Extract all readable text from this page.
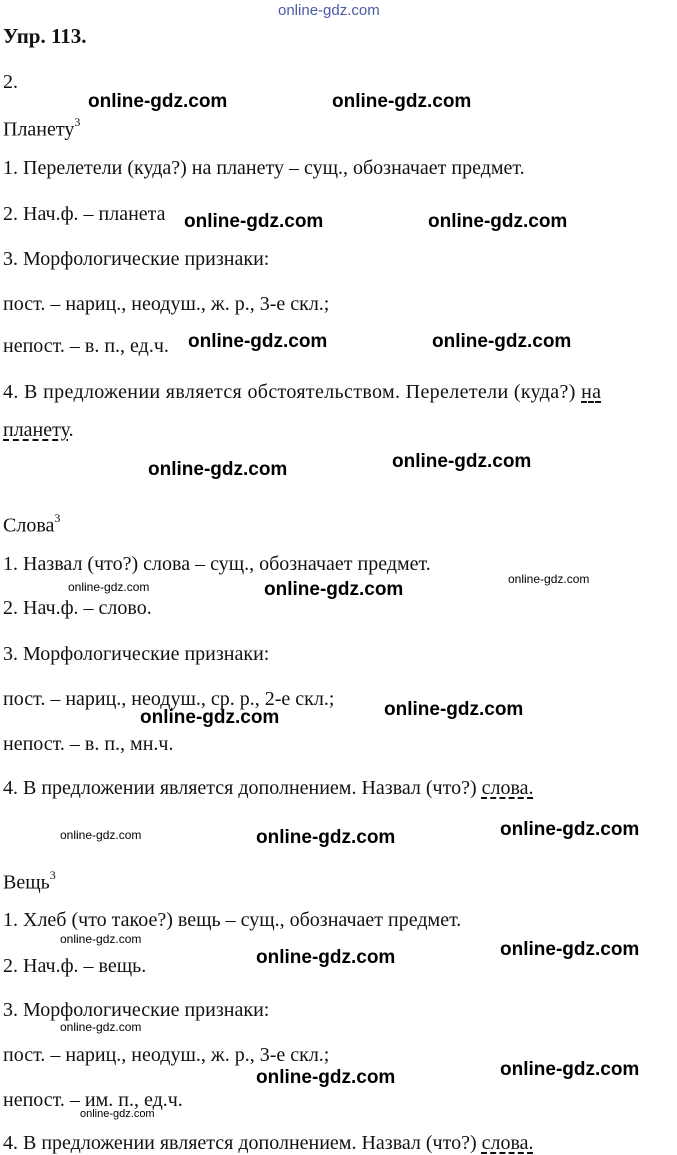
online-gdz.com
Упр. 113.
2.
Планету$^3$
1. Перелетели (куда?) на планету – сущ., обозначает предмет.
2. Нач.ф. – планета
3. Морфологические признаки:
пост. – нариц., неодуш., ж. р., 3-е скл.;
непост. – в. п., ед.ч.
4. В предложении является обстоятельством. Перелетели (куда?) на
планету.
Слова$^3$
1. Назвал (что?) слова – сущ., обозначает предмет.
2. Нач.ф. – слово.
3. Морфологические признаки:
пост. – нариц., неодуш., ср. р., 2-е скл.;
непост. – в. п., мн.ч.
4. В предложении является дополнением. Назвал (что?) слова.
Вещь$^3$
1. Хлеб (что такое?) вещь – сущ., обозначает предмет.
2. Нач.ф. – вещь.
3. Морфологические признаки:
пост. – нариц., неодуш., ж. р., 3-е скл.;
непост. – им. п., ед.ч.
4. В предложении является дополнением. Назвал (что?) слова.
online-gdz.com	online-gdz.com
online-gdz.com	online-gdz.com
online-gdz.com	online-gdz.com
online-gdz.com	online-gdz.com
online-gdz.com	online-gdz.com	online-gdz.com
online-gdz.com	online-gdz.com
online-gdz.com	online-gdz.com	online-gdz.com
online-gdz.com
online-gdz.com	online-gdz.com
online-gdz.com
online-gdz.com	online-gdz.com
online-gdz.com
